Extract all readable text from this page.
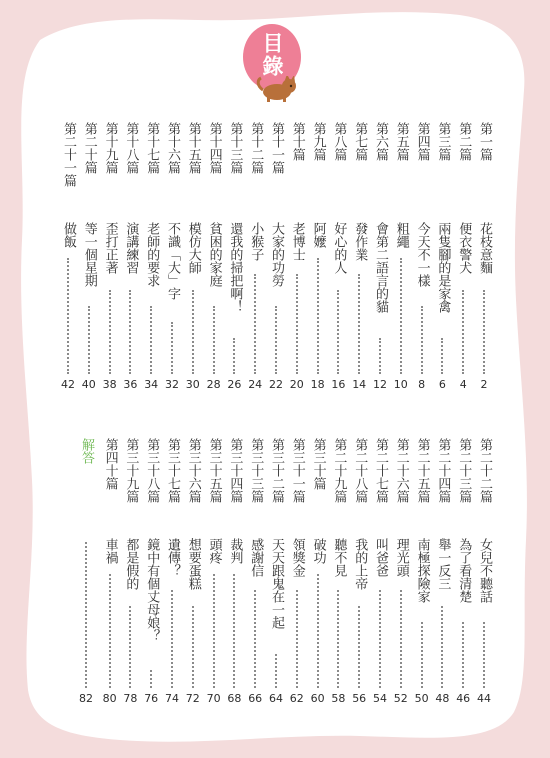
目錄
第一篇
花枝意麵
2
第二篇
便衣警犬
4
第三篇
兩隻腳的是家禽
6
第四篇
今天不一樣
8
第五篇
粗繩
10
第六篇
會第二語言的貓
12
第七篇
發作業
14
第八篇
好心的人
16
第九篇
阿嬤
18
第十篇
老博士
20
第十一篇
大家的功勞
22
第十二篇
小猴子
24
第十三篇
還我的掃把啊！
26
第十四篇
貧困的家庭
28
第十五篇
模仿大師
30
第十六篇
不識「大」字
32
第十七篇
老師的要求
34
第十八篇
演講練習
36
第十九篇
歪打正著
38
第二十篇
等一個星期
40
第二十一篇
做飯
42
第二十二篇
女兒不聽話
44
第二十三篇
為了看清楚
46
第二十四篇
舉一反三
48
第二十五篇
南極探險家
50
第二十六篇
理光頭
52
第二十七篇
叫爸爸
54
第二十八篇
我的上帝
56
第二十九篇
聽不見
58
第三十篇
破功
60
第三十一篇
領獎金
62
第三十二篇
天天跟鬼在一起
64
第三十三篇
感謝信
66
第三十四篇
裁判
68
第三十五篇
頭疼
70
第三十六篇
想要蛋糕
72
第三十七篇
遺傳？
74
第三十八篇
鏡中有個丈母娘？
76
第三十九篇
都是假的
78
第四十篇
車禍
80
解答
82
